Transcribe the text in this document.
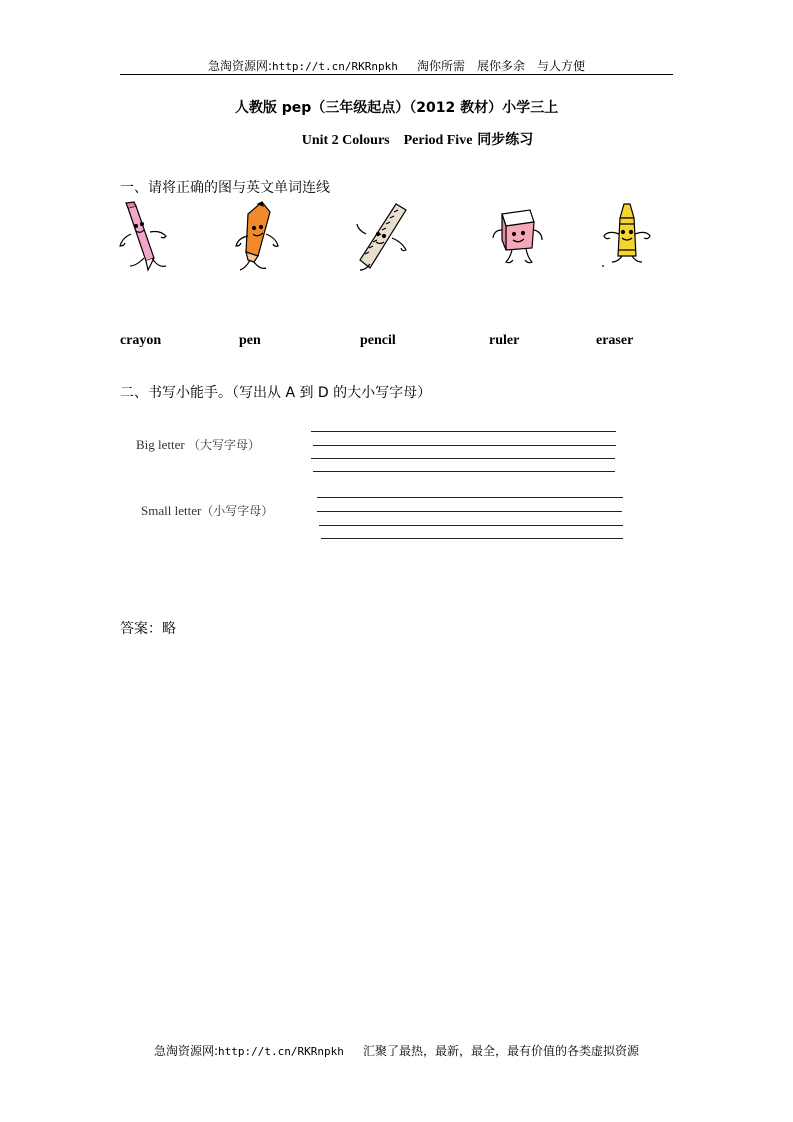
急淘资源网:http://t.cn/RKRnpkh 淘你所需　展你多余　与人方便
人教版 pep（三年级起点）（2012 教材）小学三上
Unit 2 Colours　Period Five 同步练习
一、请将正确的图与英文单词连线
crayon	pen	pencil	ruler	eraser
二、书写小能手。（写出从 A 到 D 的大小写字母）
Big letter （大写字母）
Small letter（小写字母）
答案：略
急淘资源网:http://t.cn/RKRnpkh 汇聚了最热，最新，最全，最有价值的各类虚拟资源
